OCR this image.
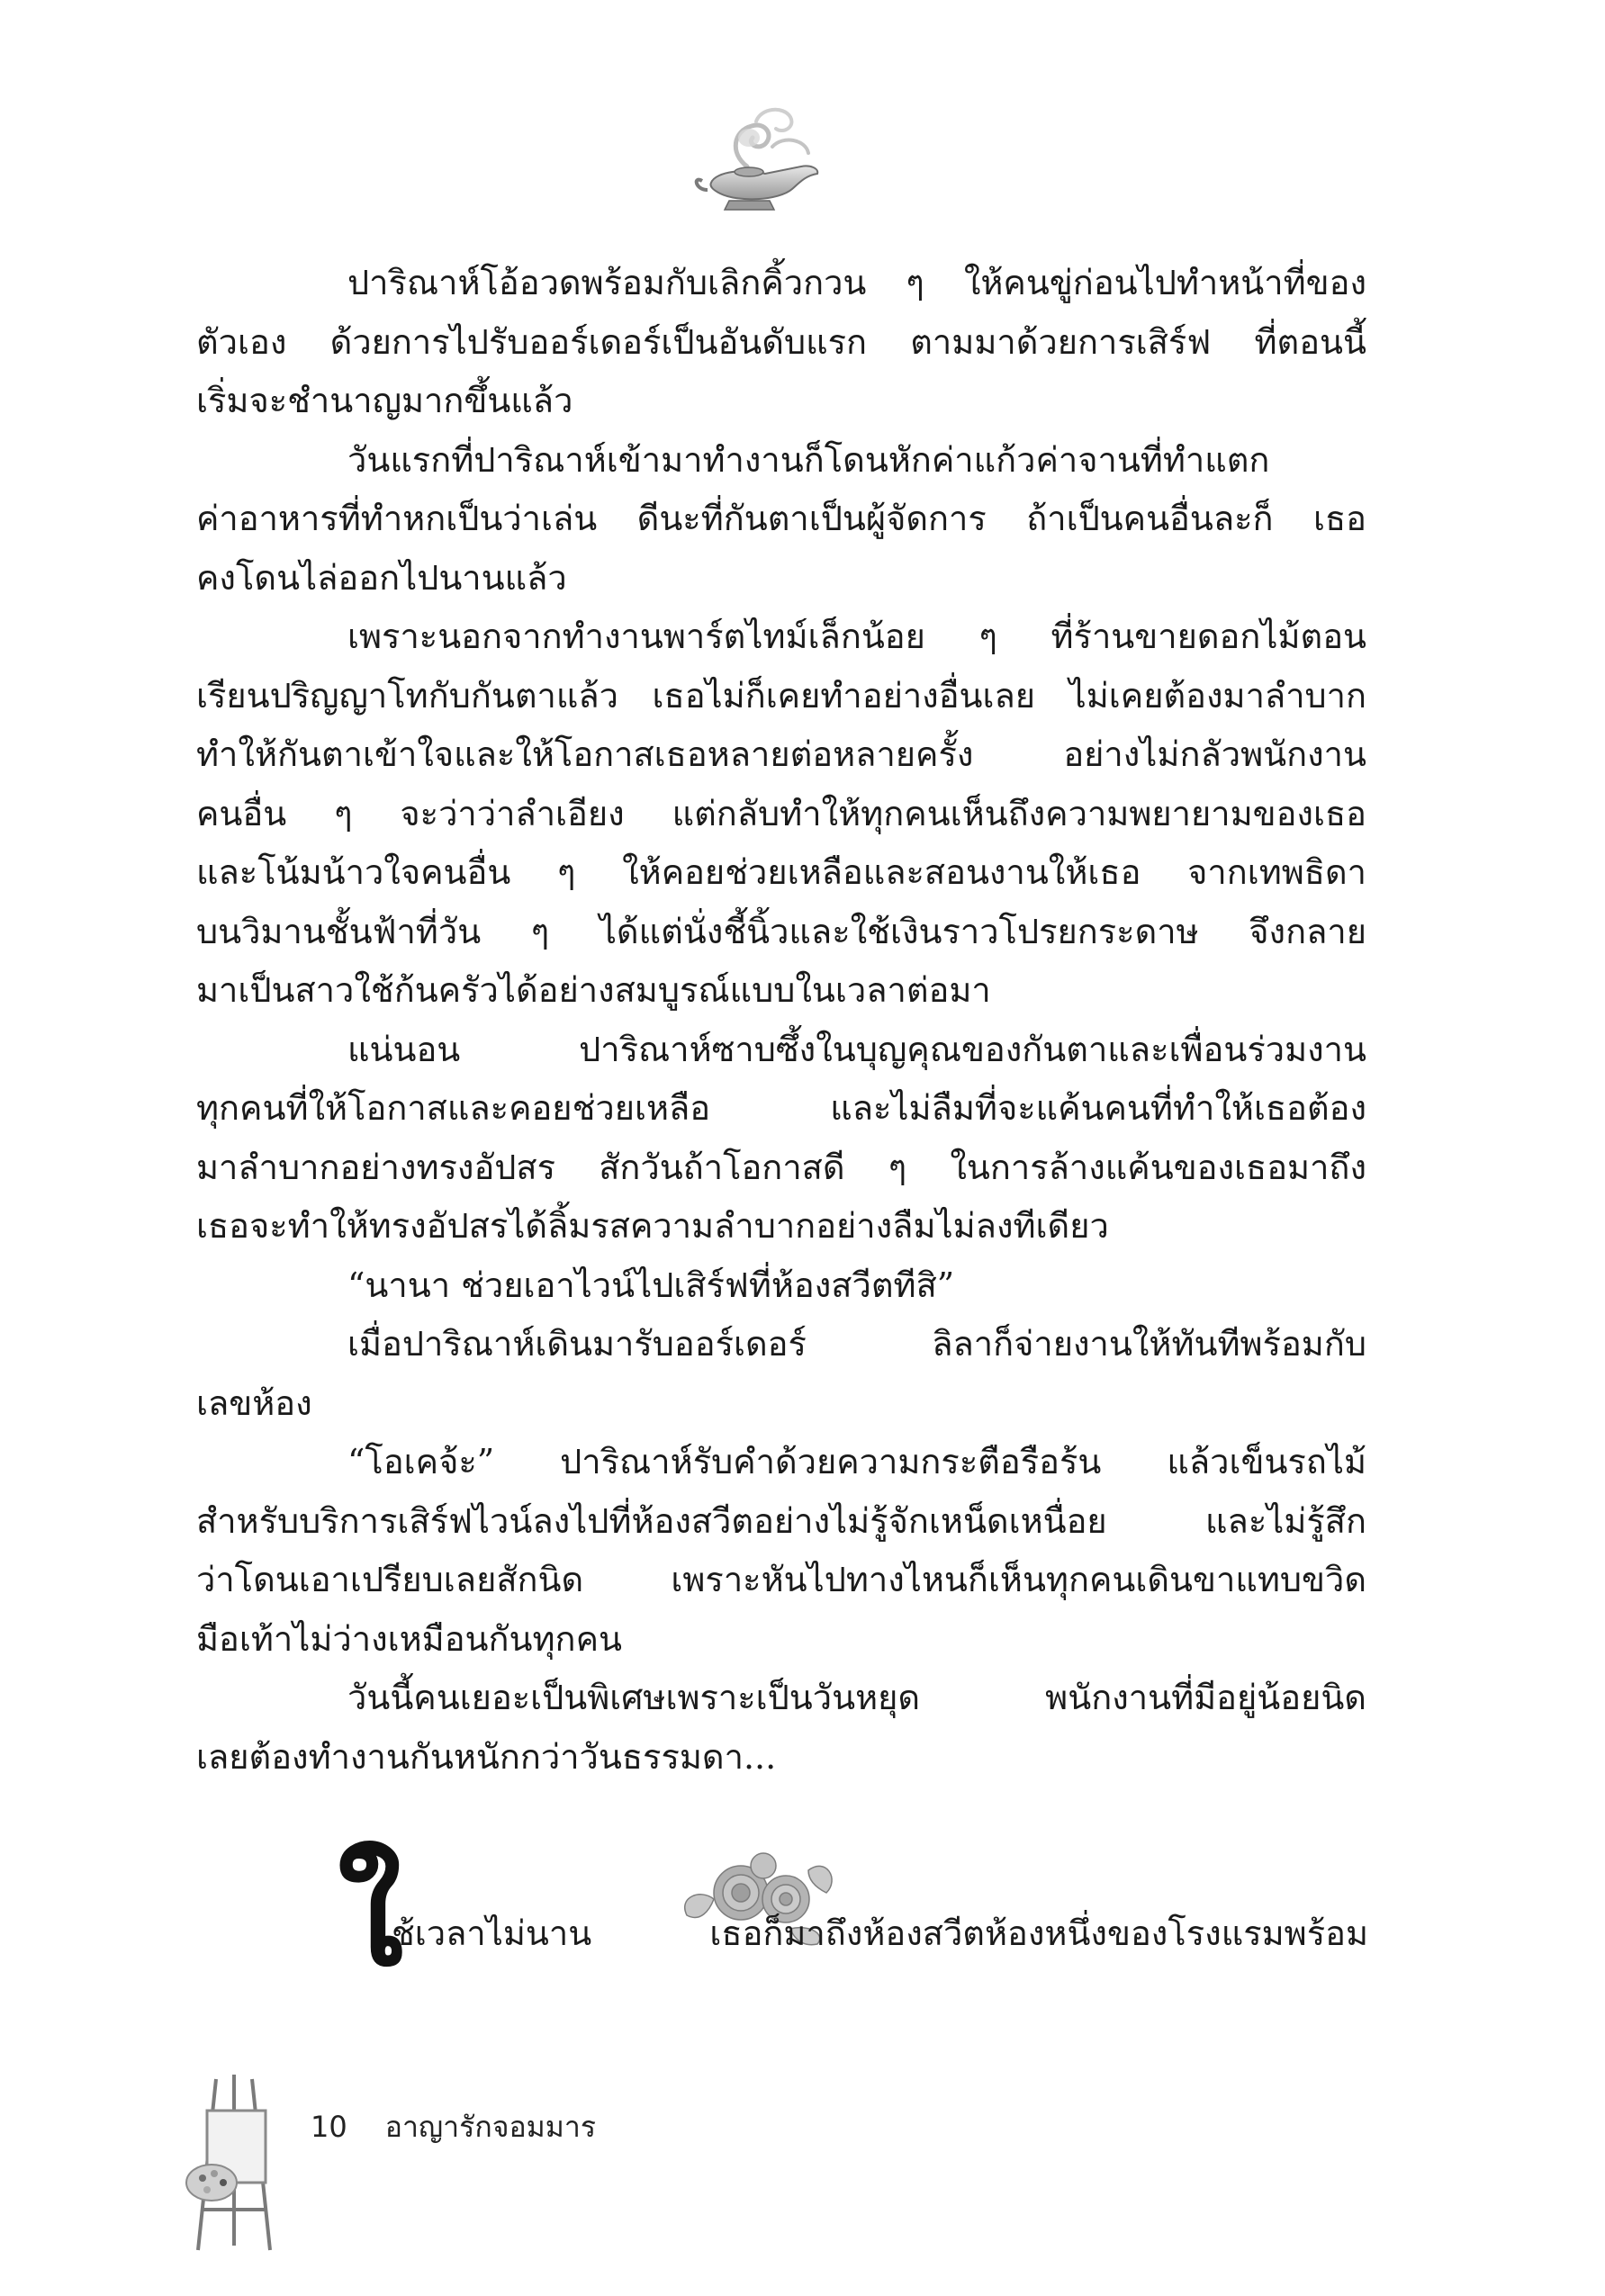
ปาริณาห์โอ้อวดพร้อมกับเลิกคิ้วกวน ๆ ให้คนขู่ก่อนไปทำหน้าที่ของ
ตัวเอง ด้วยการไปรับออร์เดอร์เป็นอันดับแรก ตามมาด้วยการเสิร์ฟ ที่ตอนนี้
เริ่มจะชำนาญมากขึ้นแล้ว
วันแรกที่ปาริณาห์เข้ามาทำงานก็โดนหักค่าแก้วค่าจานที่ทำแตก
ค่าอาหารที่ทำหกเป็นว่าเล่น ดีนะที่กันตาเป็นผู้จัดการ ถ้าเป็นคนอื่นละก็ เธอ
คงโดนไล่ออกไปนานแล้ว
เพราะนอกจากทำงานพาร์ตไทม์เล็กน้อย ๆ ที่ร้านขายดอกไม้ตอน
เรียนปริญญาโทกับกันตาแล้ว เธอไม่ก็เคยทำอย่างอื่นเลย ไม่เคยต้องมาลำบาก
ทำให้กันตาเข้าใจและให้โอกาสเธอหลายต่อหลายครั้ง อย่างไม่กลัวพนักงาน
คนอื่น ๆ จะว่าว่าลำเอียง แต่กลับทำให้ทุกคนเห็นถึงความพยายามของเธอ
และโน้มน้าวใจคนอื่น ๆ ให้คอยช่วยเหลือและสอนงานให้เธอ จากเทพธิดา
บนวิมานชั้นฟ้าที่วัน ๆ ได้แต่นั่งชี้นิ้วและใช้เงินราวโปรยกระดาษ จึงกลาย
มาเป็นสาวใช้ก้นครัวได้อย่างสมบูรณ์แบบในเวลาต่อมา
แน่นอน ปาริณาห์ซาบซึ้งในบุญคุณของกันตาและเพื่อนร่วมงาน
ทุกคนที่ให้โอกาสและคอยช่วยเหลือ และไม่ลืมที่จะแค้นคนที่ทำให้เธอต้อง
มาลำบากอย่างทรงอัปสร สักวันถ้าโอกาสดี ๆ ในการล้างแค้นของเธอมาถึง
เธอจะทำให้ทรงอัปสรได้ลิ้มรสความลำบากอย่างลืมไม่ลงทีเดียว
“นานา ช่วยเอาไวน์ไปเสิร์ฟที่ห้องสวีตทีสิ”
เมื่อปาริณาห์เดินมารับออร์เดอร์ ลิลาก็จ่ายงานให้ทันทีพร้อมกับ
เลขห้อง
“โอเคจ้ะ” ปาริณาห์รับคำด้วยความกระตือรือร้น แล้วเข็นรถไม้
สำหรับบริการเสิร์ฟไวน์ลงไปที่ห้องสวีตอย่างไม่รู้จักเหน็ดเหนื่อย และไม่รู้สึก
ว่าโดนเอาเปรียบเลยสักนิด เพราะหันไปทางไหนก็เห็นทุกคนเดินขาแทบขวิด
มือเท้าไม่ว่างเหมือนกันทุกคน
วันนี้คนเยอะเป็นพิเศษเพราะเป็นวันหยุด พนักงานที่มีอยู่น้อยนิด
เลยต้องทำงานกันหนักกว่าวันธรรมดา...
ใ
ช้เวลาไม่นาน เธอก็มาถึงห้องสวีตห้องหนึ่งของโรงแรมพร้อม
10 อาญารักจอมมาร
